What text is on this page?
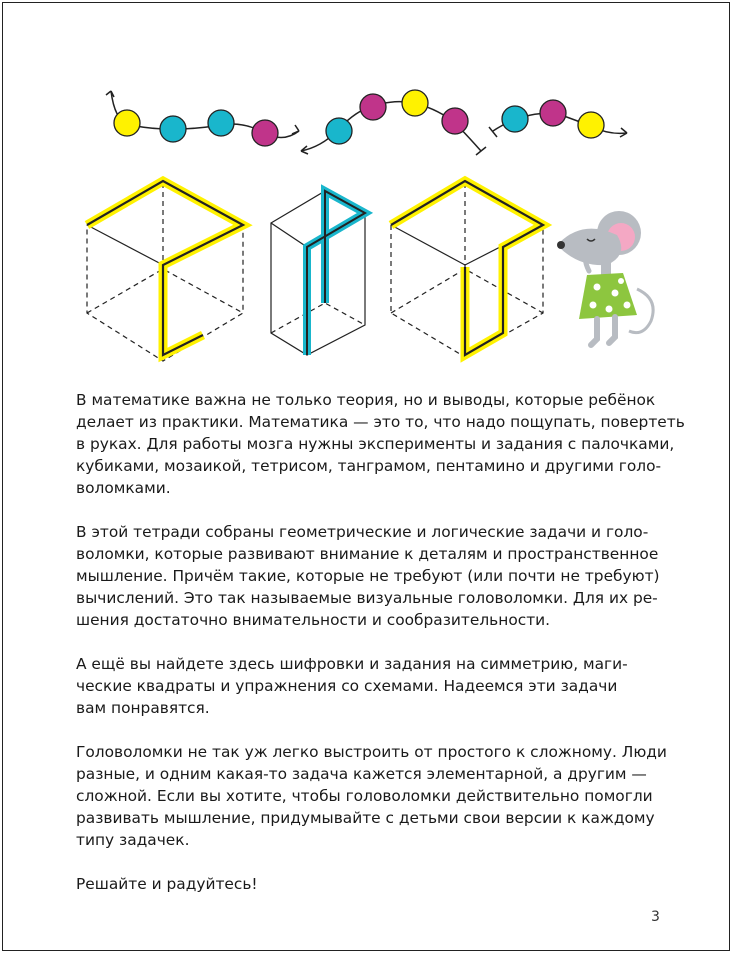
В математике важна не только теория, но и выводы, которые ребёнок
делает из практики. Математика — это то, что надо пощупать, повертеть
в руках. Для работы мозга нужны эксперименты и задания с палочками,
кубиками, мозаикой, тетрисом, танграмом, пентамино и другими голо-
воломками.

В этой тетради собраны геометрические и логические задачи и голо-
воломки, которые развивают внимание к деталям и пространственное
мышление. Причём такие, которые не требуют (или почти не требуют)
вычислений. Это так называемые визуальные головоломки. Для их ре-
шения достаточно внимательности и сообразительности.

А ещё вы найдете здесь шифровки и задания на симметрию, маги-
ческие квадраты и упражнения со схемами. Надеемся эти задачи
вам понравятся.

Головоломки не так уж легко выстроить от простого к сложному. Люди
разные, и одним какая-то задача кажется элементарной, а другим —
сложной. Если вы хотите, чтобы головоломки действительно помогли
развивать мышление, придумывайте с детьми свои версии к каждому
типу задачек.

Решайте и радуйтесь!

3
